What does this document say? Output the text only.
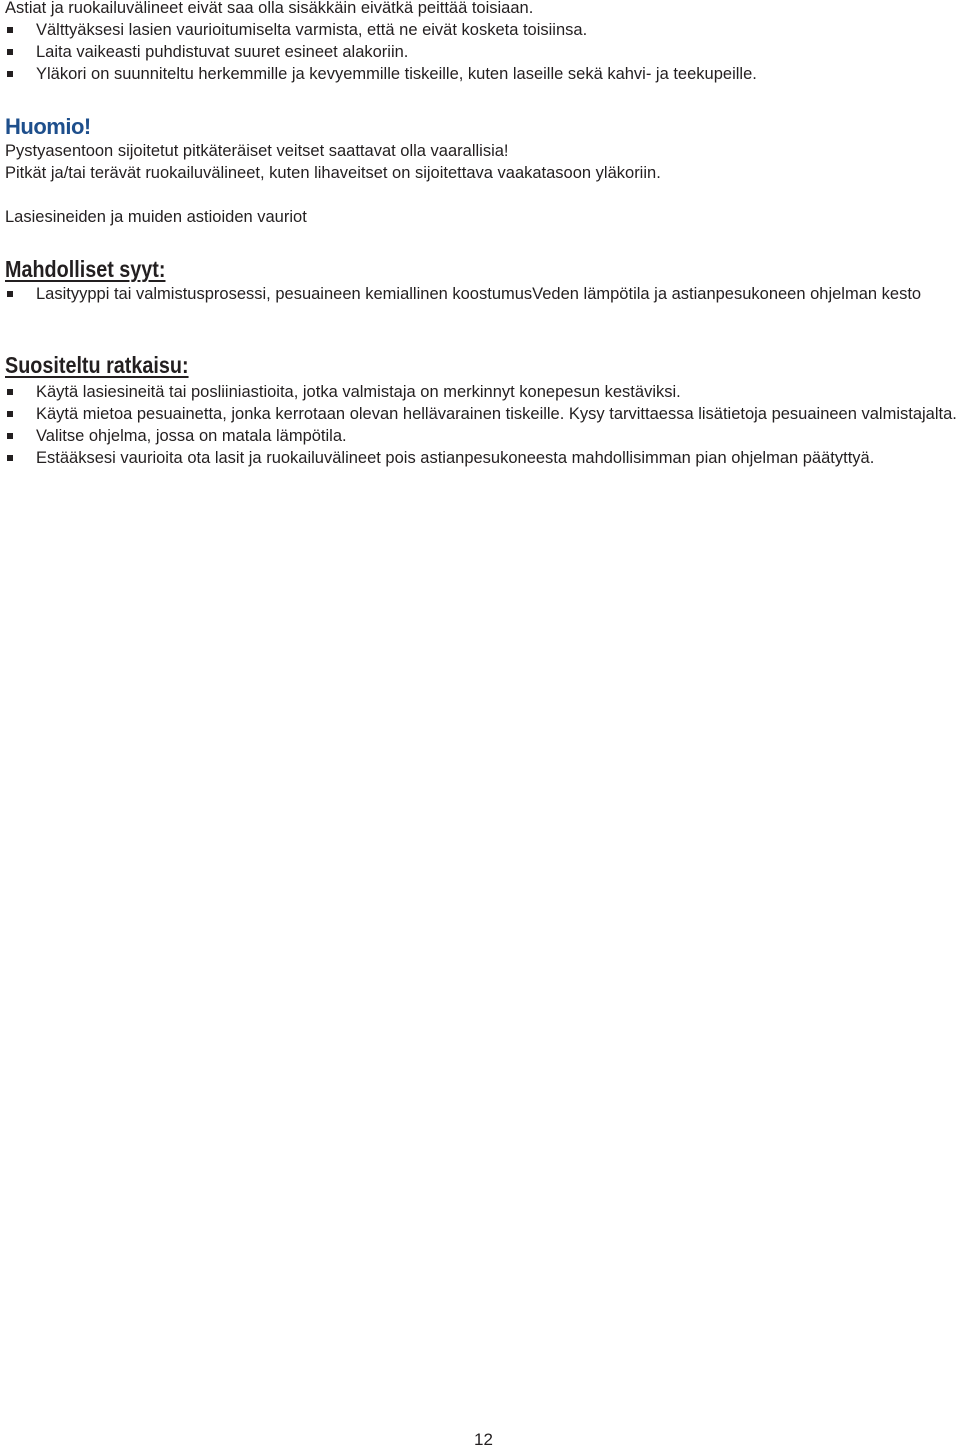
Astiat ja ruokailuvälineet eivät saa olla sisäkkäin eivätkä peittää toisiaan.

Välttyäksesi lasien vaurioitumiselta varmista, että ne eivät kosketa toisiinsa.
Laita vaikeasti puhdistuvat suuret esineet alakoriin.
Yläkori on suunniteltu herkemmille ja kevyemmille tiskeille, kuten laseille sekä kahvi- ja teekupeille.
Huomio!

Pystyasentoon sijoitetut pitkäteräiset veitset saattavat olla vaarallisia!

Pitkät ja/tai terävät ruokailuvälineet, kuten lihaveitset on sijoitettava vaakatasoon yläkoriin.

Lasiesineiden ja muiden astioiden vauriot

Mahdolliset syyt:
Lasityyppi tai valmistusprosessi, pesuaineen kemiallinen koostumusVeden lämpötila ja astianpesukoneen ohjelman kesto
Suositeltu ratkaisu:
Käytä lasiesineitä tai posliiniastioita, jotka valmistaja on merkinnyt konepesun kestäviksi.
Käytä mietoa pesuainetta, jonka kerrotaan olevan hellävarainen tiskeille. Kysy tarvittaessa lisätietoja pesuaineen valmistajalta.
Valitse ohjelma, jossa on matala lämpötila.
Estääksesi vaurioita ota lasit ja ruokailuvälineet pois astianpesukoneesta mahdollisimman pian ohjelman päätyttyä.
12
